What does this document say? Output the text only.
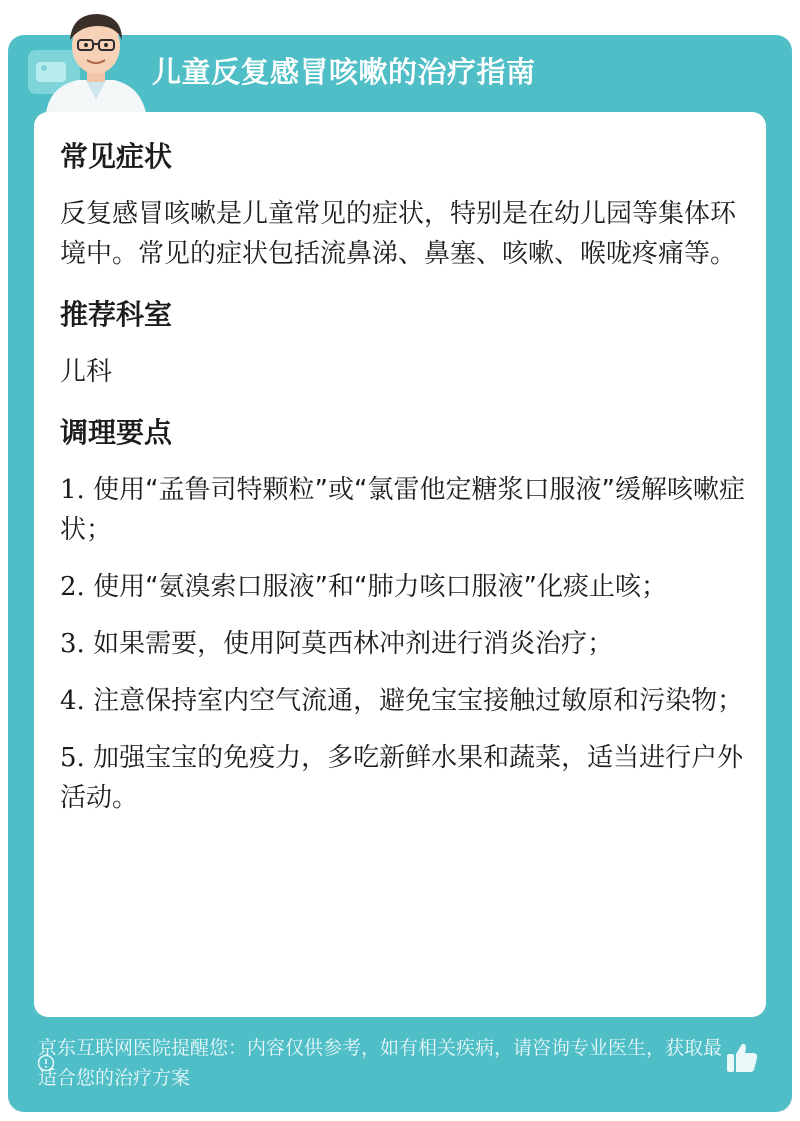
儿童反复感冒咳嗽的治疗指南
常见症状

反复感冒咳嗽是儿童常见的症状，特别是在幼儿园等集体环境中。常见的症状包括流鼻涕、鼻塞、咳嗽、喉咙疼痛等。

推荐科室

儿科

调理要点
1. 使用“孟鲁司特颗粒”或“氯雷他定糖浆口服液”缓解咳嗽症状；
2. 使用“氨溴索口服液”和“肺力咳口服液”化痰止咳；
3. 如果需要，使用阿莫西林冲剂进行消炎治疗；
4. 注意保持室内空气流通，避免宝宝接触过敏原和污染物；
5. 加强宝宝的免疫力，多吃新鲜水果和蔬菜，适当进行户外活动。
京东互联网医院提醒您：内容仅供参考，如有相关疾病，请咨询专业医生，获取最适合您的治疗方案
